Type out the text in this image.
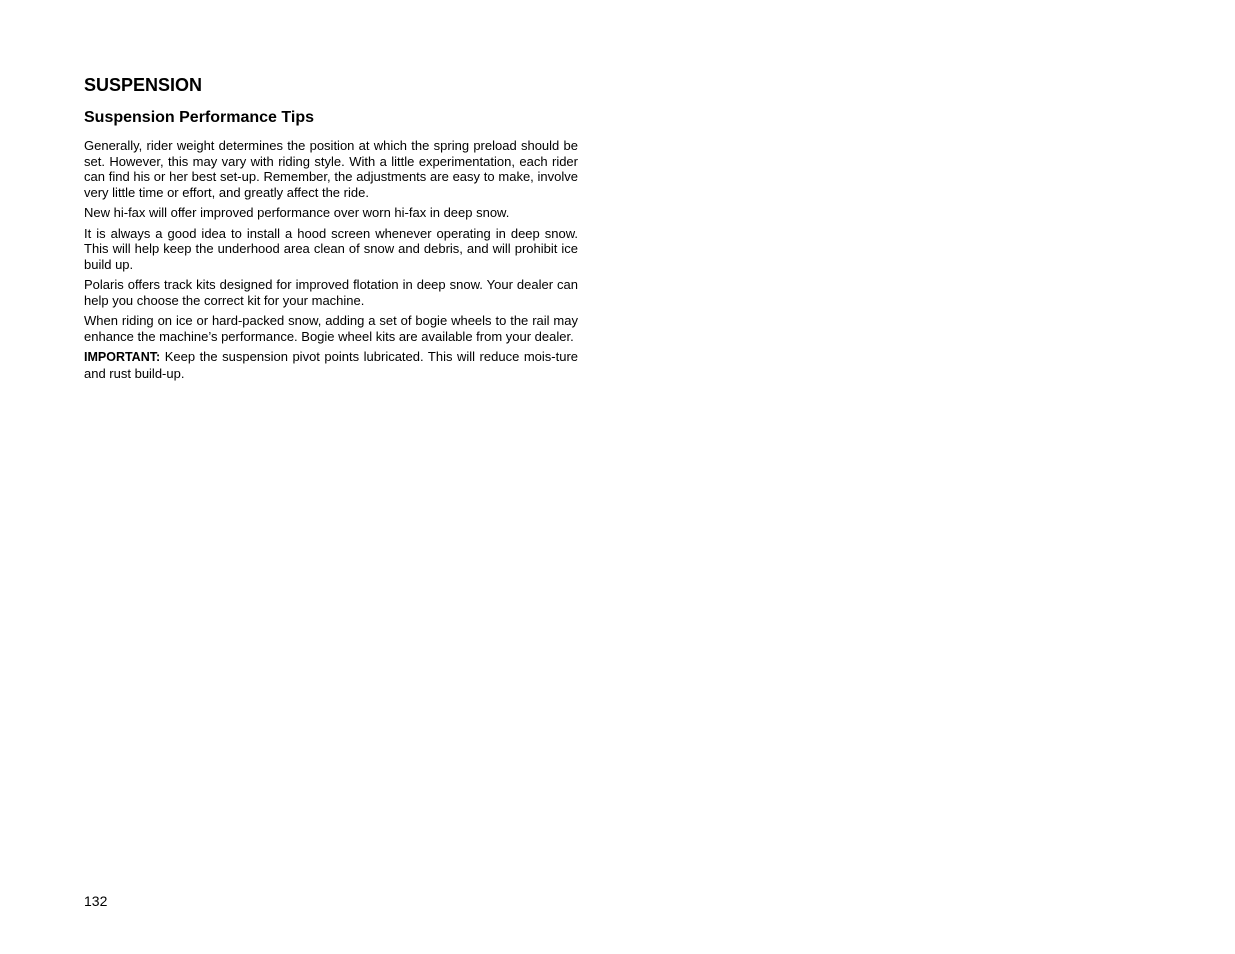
SUSPENSION
Suspension Performance Tips

Generally, rider weight determines the position at which the spring preload should be set. However, this may vary with riding style. With a little experimentation, each rider can find his or her best set-up. Remember, the adjustments are easy to make, involve very little time or effort, and greatly affect the ride.

New hi-fax will offer improved performance over worn hi-fax in deep snow.

It is always a good idea to install a hood screen whenever operating in deep snow. This will help keep the underhood area clean of snow and debris, and will prohibit ice build up.

Polaris offers track kits designed for improved flotation in deep snow. Your dealer can help you choose the correct kit for your machine.

When riding on ice or hard-packed snow, adding a set of bogie wheels to the rail may enhance the machine’s performance. Bogie wheel kits are available from your dealer.

IMPORTANT: Keep the suspension pivot points lubricated. This will reduce mois-ture and rust build-up.

132
